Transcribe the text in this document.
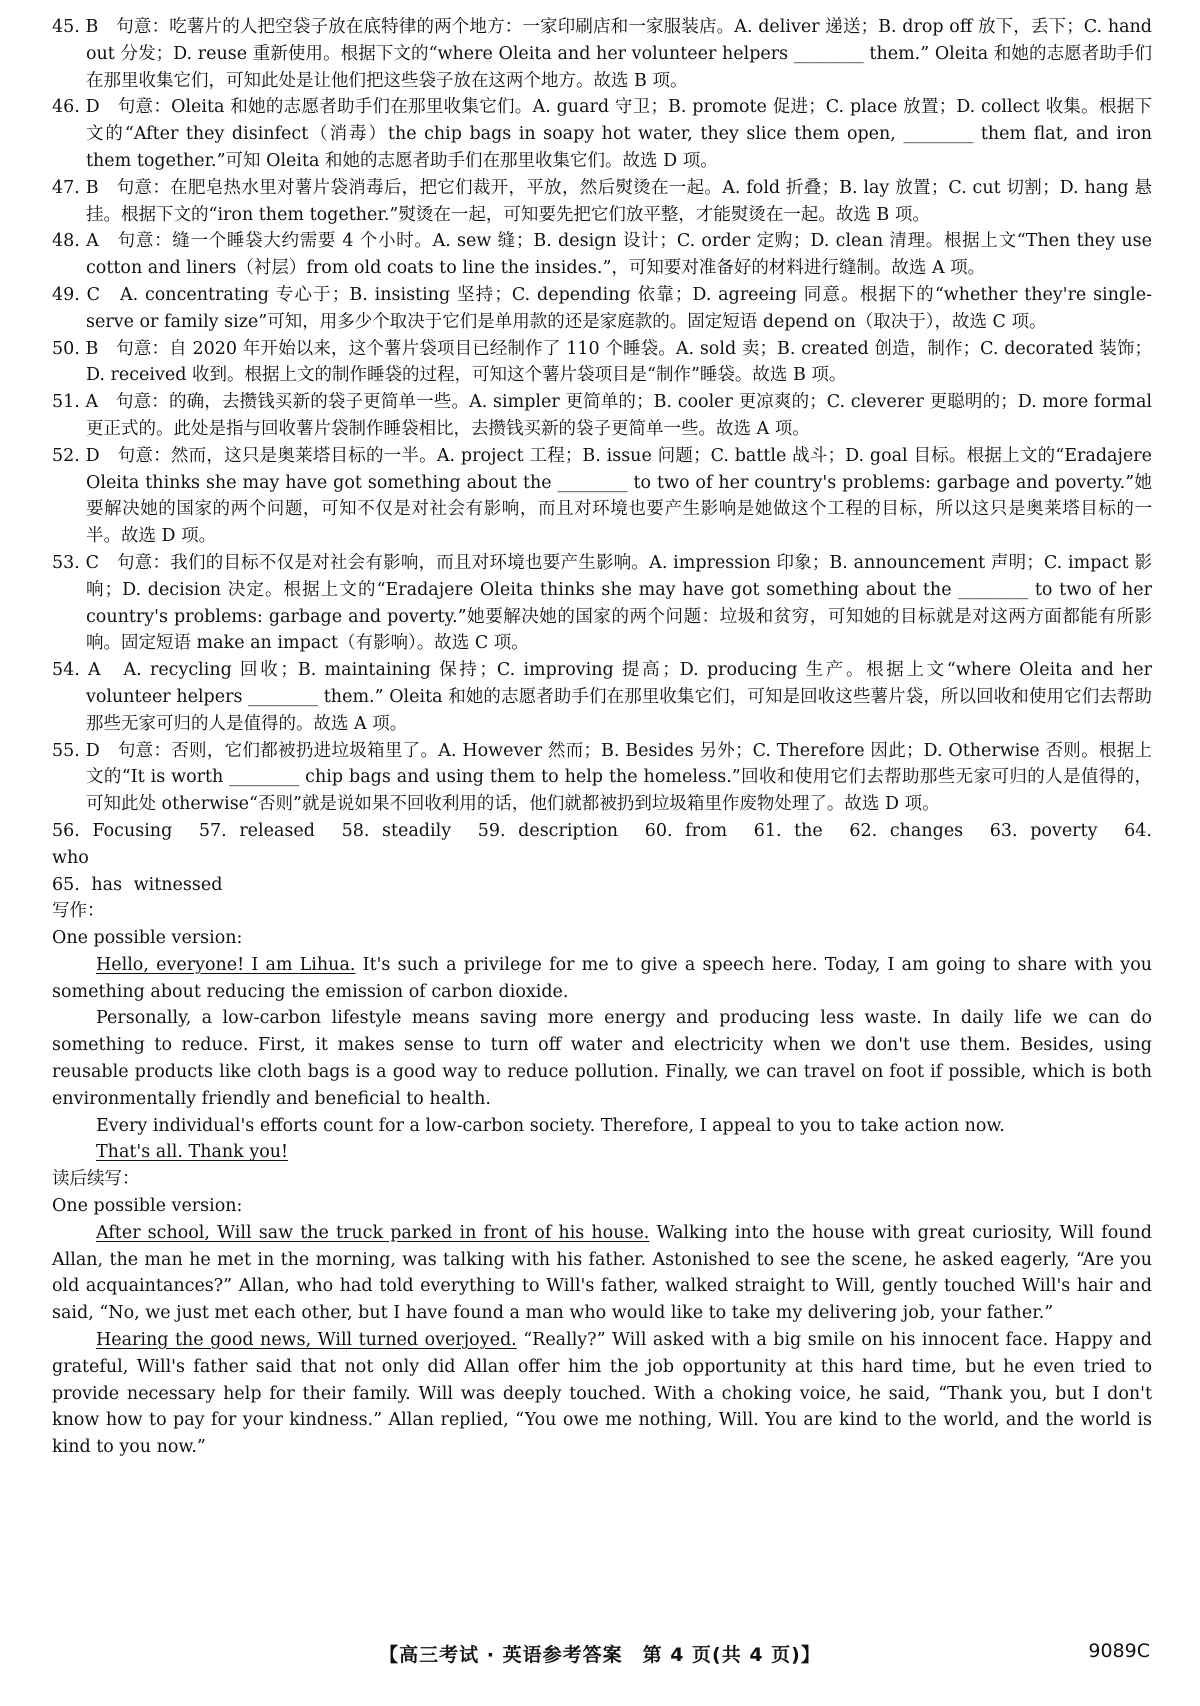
45. B　 句意：吃薯片的人把空袋子放在底特律的两个地方：一家印刷店和一家服装店。A. deliver 递送；B. drop off 放下，丢下；C. hand out 分发；D. reuse 重新使用。根据下文的“where Oleita and her volunteer helpers ________ them.” Oleita 和她的志愿者助手们在那里收集它们，可知此处是让他们把这些袋子放在这两个地方。故选 B 项。

46. D　 句意：Oleita 和她的志愿者助手们在那里收集它们。A. guard 守卫；B. promote 促进；C. place 放置；D. collect 收集。根据下文的“After they disinfect（消毒）the chip bags in soapy hot water, they slice them open, ________ them flat, and iron them together.”可知 Oleita 和她的志愿者助手们在那里收集它们。故选 D 项。

47. B　 句意：在肥皂热水里对薯片袋消毒后，把它们裁开，平放，然后熨烫在一起。A. fold 折叠；B. lay 放置；C. cut 切割；D. hang 悬挂。根据下文的“iron them together.”熨烫在一起，可知要先把它们放平整，才能熨烫在一起。故选 B 项。

48. A　 句意：缝一个睡袋大约需要 4 个小时。A. sew 缝；B. design 设计；C. order 定购；D. clean 清理。根据上文“Then they use cotton and liners（衬层）from old coats to line the insides.”，可知要对准备好的材料进行缝制。故选 A 项。

49. C　 A. concentrating 专心于；B. insisting 坚持；C. depending 依靠；D. agreeing 同意。根据下的“whether they're single-serve or family size”可知，用多少个取决于它们是单用款的还是家庭款的。固定短语 depend on（取决于），故选 C 项。

50. B　 句意：自 2020 年开始以来，这个薯片袋项目已经制作了 110 个睡袋。A. sold 卖；B. created 创造，制作；C. decorated 装饰；D. received 收到。根据上文的制作睡袋的过程，可知这个薯片袋项目是“制作”睡袋。故选 B 项。

51. A　 句意：的确，去攒钱买新的袋子更简单一些。A. simpler 更简单的；B. cooler 更凉爽的；C. cleverer 更聪明的；D. more formal 更正式的。此处是指与回收薯片袋制作睡袋相比，去攒钱买新的袋子更简单一些。故选 A 项。

52. D　 句意：然而，这只是奥莱塔目标的一半。A. project 工程；B. issue 问题；C. battle 战斗；D. goal 目标。根据上文的“Eradajere Oleita thinks she may have got something about the ________ to two of her country's problems: garbage and poverty.”她要解决她的国家的两个问题，可知不仅是对社会有影响，而且对环境也要产生影响是她做这个工程的目标，所以这只是奥莱塔目标的一半。故选 D 项。

53. C　 句意：我们的目标不仅是对社会有影响，而且对环境也要产生影响。A. impression 印象；B. announcement 声明；C. impact 影响；D. decision 决定。根据上文的“Eradajere Oleita thinks she may have got something about the ________ to two of her country's problems: garbage and poverty.”她要解决她的国家的两个问题：垃圾和贫穷，可知她的目标就是对这两方面都能有所影响。固定短语 make an impact（有影响）。故选 C 项。

54. A　 A. recycling 回收；B. maintaining 保持；C. improving 提高；D. producing 生产。根据上文“where Oleita and her volunteer helpers ________ them.” Oleita 和她的志愿者助手们在那里收集它们，可知是回收这些薯片袋，所以回收和使用它们去帮助那些无家可归的人是值得的。故选 A 项。

55. D　 句意：否则，它们都被扔进垃圾箱里了。A. However 然而；B. Besides 另外；C. Therefore 因此；D. Otherwise 否则。根据上文的“It is worth ________ chip bags and using them to help the homeless.”回收和使用它们去帮助那些无家可归的人是值得的，可知此处 otherwise“否则”就是说如果不回收利用的话，他们就都被扔到垃圾箱里作废物处理了。故选 D 项。

56. Focusing 57. released 58. steadily 59. description 60. from 61. the 62. changes 63. poverty 64. who

65. has witnessed

写作：

One possible version:

Hello, everyone! I am Lihua. It's such a privilege for me to give a speech here. Today, I am going to share with you something about reducing the emission of carbon dioxide.

Personally, a low-carbon lifestyle means saving more energy and producing less waste. In daily life we can do something to reduce. First, it makes sense to turn off water and electricity when we don't use them. Besides, using reusable products like cloth bags is a good way to reduce pollution. Finally, we can travel on foot if possible, which is both environmentally friendly and beneficial to health.

Every individual's efforts count for a low-carbon society. Therefore, I appeal to you to take action now.

That's all. Thank you!

读后续写：

One possible version:

After school, Will saw the truck parked in front of his house. Walking into the house with great curiosity, Will found Allan, the man he met in the morning, was talking with his father. Astonished to see the scene, he asked eagerly, “Are you old acquaintances?” Allan, who had told everything to Will's father, walked straight to Will, gently touched Will's hair and said, “No, we just met each other, but I have found a man who would like to take my delivering job, your father.”

Hearing the good news, Will turned overjoyed. “Really?” Will asked with a big smile on his innocent face. Happy and grateful, Will's father said that not only did Allan offer him the job opportunity at this hard time, but he even tried to provide necessary help for their family. Will was deeply touched. With a choking voice, he said, “Thank you, but I don't know how to pay for your kindness.” Allan replied, “You owe me nothing, Will. You are kind to the world, and the world is kind to you now.”

【高三考试 · 英语参考答案　第 4 页(共 4 页)】	9089C
